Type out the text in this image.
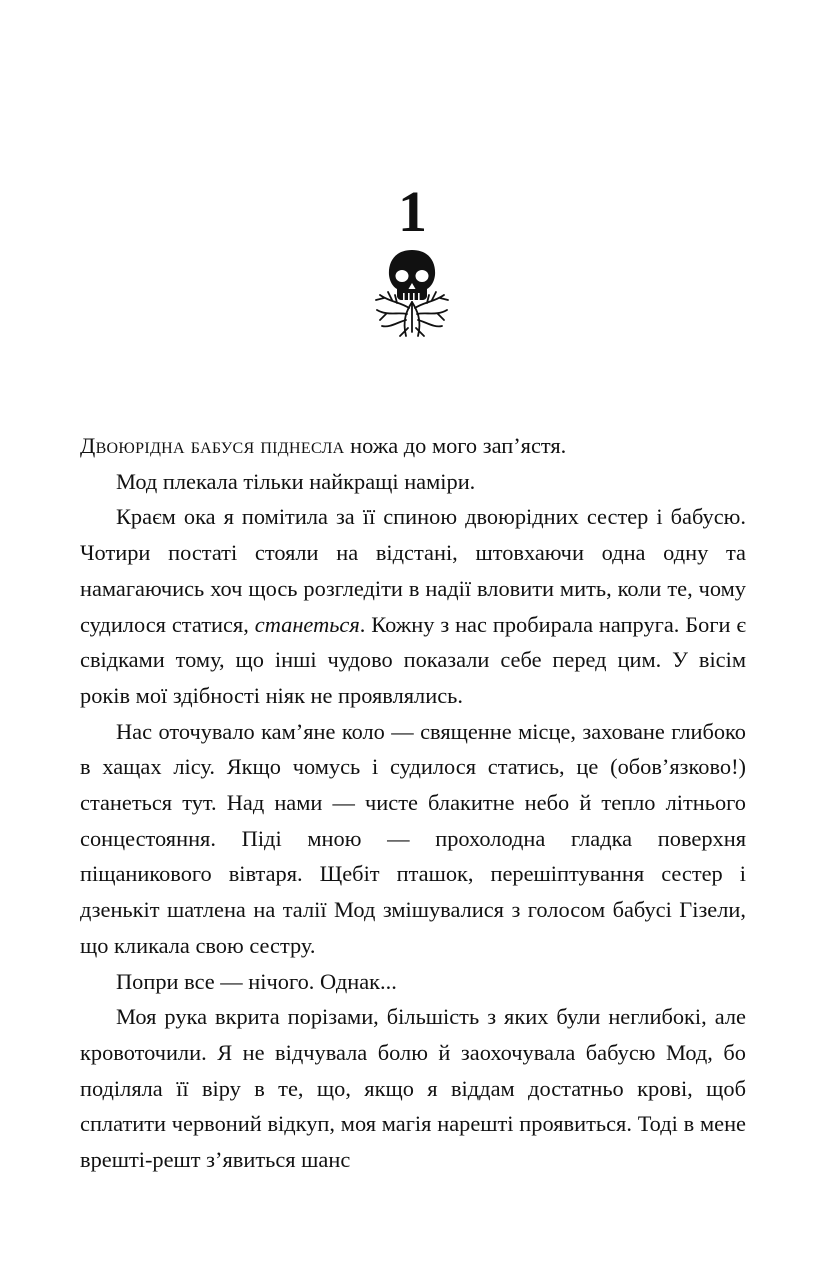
1

Двоюрідна бабуся піднесла ножа до мого зап’ястя.

Мод плекала тільки найкращі наміри.

Краєм ока я помітила за її спиною двоюрідних сестер і бабусю. Чотири постаті стояли на відстані, штовхаючи одна одну та намагаючись хоч щось розгледіти в надії вловити мить, коли те, чому судилося статися, станеться. Кожну з нас пробирала напруга. Боги є свідками тому, що інші чудово показали себе перед цим. У вісім років мої здібності ніяк не проявлялись.

Нас оточувало кам’яне коло — священне місце, заховане глибоко в хащах лісу. Якщо чомусь і судилося статись, це (обов’язково!) станеться тут. Над нами — чисте блакитне небо й тепло літнього сонцестояння. Піді мною — прохолодна гладка поверхня піщаникового вівтаря. Щебіт пташок, перешіптування сестер і дзенькіт шатлена на талії Мод змішувалися з голосом бабусі Гізели, що кликала свою сестру.

Попри все — нічого. Однак...

Моя рука вкрита порізами, більшість з яких були неглибокі, але кровоточили. Я не відчувала болю й заохочувала бабусю Мод, бо поділяла її віру в те, що, якщо я віддам достатньо крові, щоб сплатити червоний відкуп, моя магія нарешті проявиться. Тоді в мене врешті-решт з’явиться шанс
